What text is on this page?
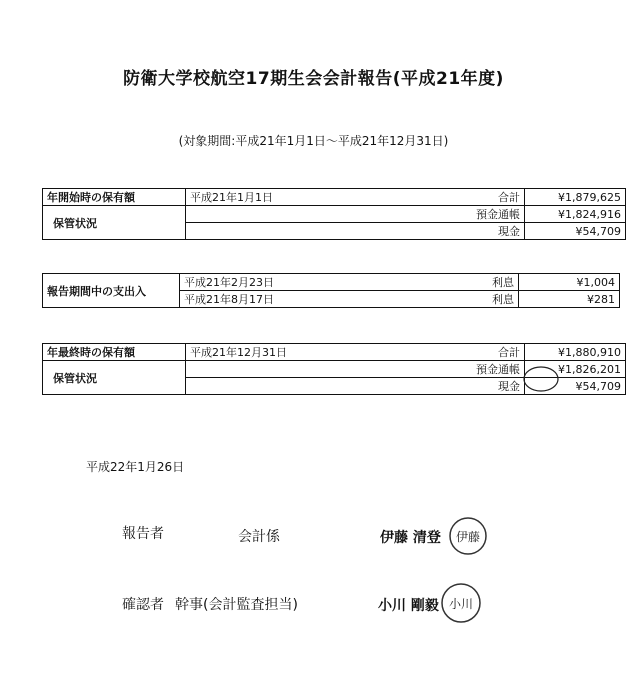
防衛大学校航空17期生会会計報告(平成21年度)
(対象期間:平成21年1月1日～平成21年12月31日)
年開始時の保有額	平成21年1月1日 合計	¥1,879,625
保管状況	預金通帳	¥1,824,916

	現金	¥54,709
報告期間中の支出入	平成21年2月23日 利息	¥1,004
	平成21年8月17日 利息	¥281
年最終時の保有額	平成21年12月31日 合計	¥1,880,910
保管状況	預金通帳	¥1,826,201

	現金	¥54,709
平成22年1月26日
報告者	会計係	伊藤 清登 伊藤
確認者 幹事(会計監査担当)	小川 剛毅 小川
